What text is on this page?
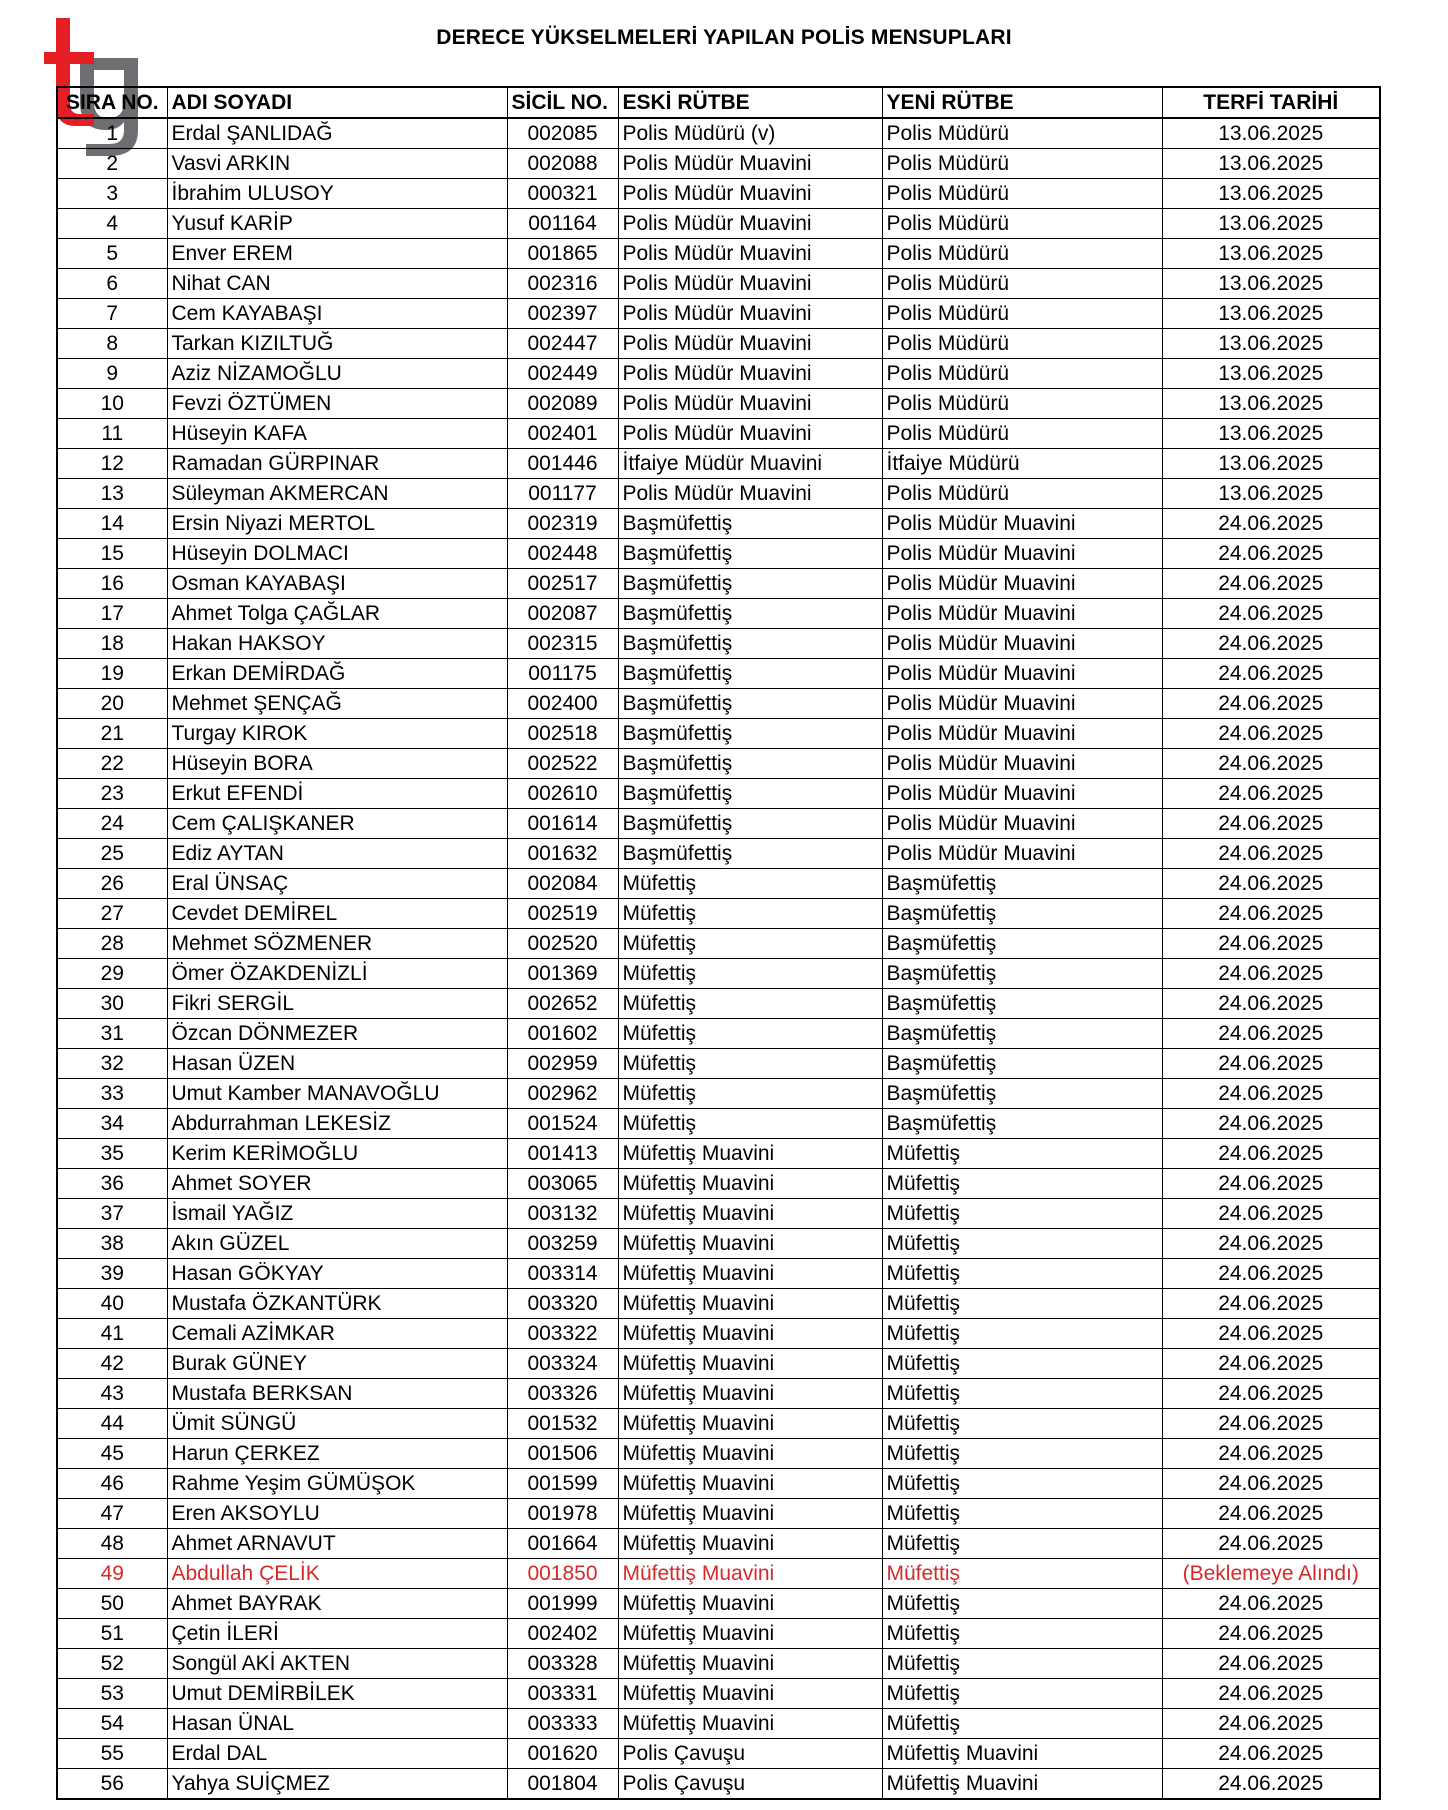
DERECE YÜKSELMELERİ YAPILAN POLİS MENSUPLARI
SIRA NO.	ADI SOYADI	SİCİL NO.	ESKİ RÜTBE	YENİ RÜTBE	TERFİ TARİHİ
1	Erdal ŞANLIDAĞ	002085	Polis Müdürü (v)	Polis Müdürü	13.06.2025
2	Vasvi ARKIN	002088	Polis Müdür Muavini	Polis Müdürü	13.06.2025
3	İbrahim ULUSOY	000321	Polis Müdür Muavini	Polis Müdürü	13.06.2025
4	Yusuf KARİP	001164	Polis Müdür Muavini	Polis Müdürü	13.06.2025
5	Enver EREM	001865	Polis Müdür Muavini	Polis Müdürü	13.06.2025
6	Nihat CAN	002316	Polis Müdür Muavini	Polis Müdürü	13.06.2025
7	Cem KAYABAŞI	002397	Polis Müdür Muavini	Polis Müdürü	13.06.2025
8	Tarkan KIZILTUĞ	002447	Polis Müdür Muavini	Polis Müdürü	13.06.2025
9	Aziz NİZAMOĞLU	002449	Polis Müdür Muavini	Polis Müdürü	13.06.2025
10	Fevzi ÖZTÜMEN	002089	Polis Müdür Muavini	Polis Müdürü	13.06.2025
11	Hüseyin KAFA	002401	Polis Müdür Muavini	Polis Müdürü	13.06.2025
12	Ramadan GÜRPINAR	001446	İtfaiye Müdür Muavini	İtfaiye Müdürü	13.06.2025
13	Süleyman AKMERCAN	001177	Polis Müdür Muavini	Polis Müdürü	13.06.2025
14	Ersin Niyazi MERTOL	002319	Başmüfettiş	Polis Müdür Muavini	24.06.2025
15	Hüseyin DOLMACI	002448	Başmüfettiş	Polis Müdür Muavini	24.06.2025
16	Osman KAYABAŞI	002517	Başmüfettiş	Polis Müdür Muavini	24.06.2025
17	Ahmet Tolga ÇAĞLAR	002087	Başmüfettiş	Polis Müdür Muavini	24.06.2025
18	Hakan HAKSOY	002315	Başmüfettiş	Polis Müdür Muavini	24.06.2025
19	Erkan DEMİRDAĞ	001175	Başmüfettiş	Polis Müdür Muavini	24.06.2025
20	Mehmet ŞENÇAĞ	002400	Başmüfettiş	Polis Müdür Muavini	24.06.2025
21	Turgay KIROK	002518	Başmüfettiş	Polis Müdür Muavini	24.06.2025
22	Hüseyin BORA	002522	Başmüfettiş	Polis Müdür Muavini	24.06.2025
23	Erkut EFENDİ	002610	Başmüfettiş	Polis Müdür Muavini	24.06.2025
24	Cem ÇALIŞKANER	001614	Başmüfettiş	Polis Müdür Muavini	24.06.2025
25	Ediz AYTAN	001632	Başmüfettiş	Polis Müdür Muavini	24.06.2025
26	Eral ÜNSAÇ	002084	Müfettiş	Başmüfettiş	24.06.2025
27	Cevdet DEMİREL	002519	Müfettiş	Başmüfettiş	24.06.2025
28	Mehmet SÖZMENER	002520	Müfettiş	Başmüfettiş	24.06.2025
29	Ömer ÖZAKDENİZLİ	001369	Müfettiş	Başmüfettiş	24.06.2025
30	Fikri SERGİL	002652	Müfettiş	Başmüfettiş	24.06.2025
31	Özcan DÖNMEZER	001602	Müfettiş	Başmüfettiş	24.06.2025
32	Hasan ÜZEN	002959	Müfettiş	Başmüfettiş	24.06.2025
33	Umut Kamber MANAVOĞLU	002962	Müfettiş	Başmüfettiş	24.06.2025
34	Abdurrahman LEKESİZ	001524	Müfettiş	Başmüfettiş	24.06.2025
35	Kerim KERİMOĞLU	001413	Müfettiş Muavini	Müfettiş	24.06.2025
36	Ahmet SOYER	003065	Müfettiş Muavini	Müfettiş	24.06.2025
37	İsmail YAĞIZ	003132	Müfettiş Muavini	Müfettiş	24.06.2025
38	Akın GÜZEL	003259	Müfettiş Muavini	Müfettiş	24.06.2025
39	Hasan GÖKYAY	003314	Müfettiş Muavini	Müfettiş	24.06.2025
40	Mustafa ÖZKANTÜRK	003320	Müfettiş Muavini	Müfettiş	24.06.2025
41	Cemali AZİMKAR	003322	Müfettiş Muavini	Müfettiş	24.06.2025
42	Burak GÜNEY	003324	Müfettiş Muavini	Müfettiş	24.06.2025
43	Mustafa BERKSAN	003326	Müfettiş Muavini	Müfettiş	24.06.2025
44	Ümit SÜNGÜ	001532	Müfettiş Muavini	Müfettiş	24.06.2025
45	Harun ÇERKEZ	001506	Müfettiş Muavini	Müfettiş	24.06.2025
46	Rahme Yeşim GÜMÜŞOK	001599	Müfettiş Muavini	Müfettiş	24.06.2025
47	Eren AKSOYLU	001978	Müfettiş Muavini	Müfettiş	24.06.2025
48	Ahmet ARNAVUT	001664	Müfettiş Muavini	Müfettiş	24.06.2025
49	Abdullah ÇELİK	001850	Müfettiş Muavini	Müfettiş	(Beklemeye Alındı)
50	Ahmet BAYRAK	001999	Müfettiş Muavini	Müfettiş	24.06.2025
51	Çetin İLERİ	002402	Müfettiş Muavini	Müfettiş	24.06.2025
52	Songül AKİ AKTEN	003328	Müfettiş Muavini	Müfettiş	24.06.2025
53	Umut DEMİRBİLEK	003331	Müfettiş Muavini	Müfettiş	24.06.2025
54	Hasan ÜNAL	003333	Müfettiş Muavini	Müfettiş	24.06.2025
55	Erdal DAL	001620	Polis Çavuşu	Müfettiş Muavini	24.06.2025
56	Yahya SUİÇMEZ	001804	Polis Çavuşu	Müfettiş Muavini	24.06.2025
